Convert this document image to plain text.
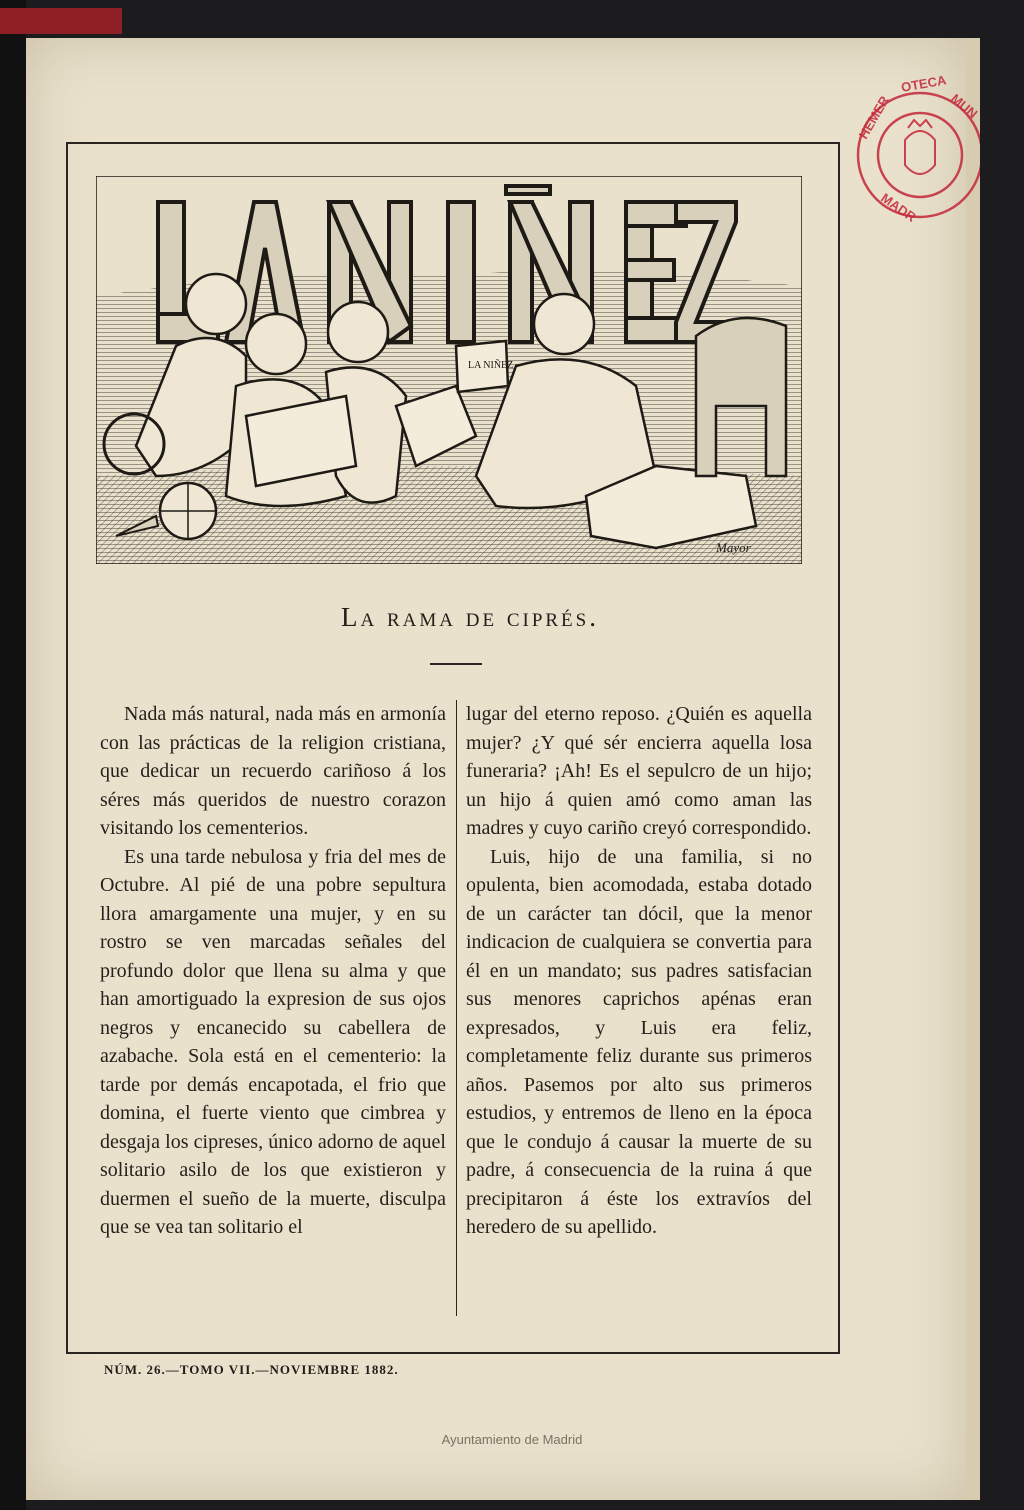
HEMER
OTECA
MUN
MADR
LA NIÑEZ
Mayor
La rama de ciprés.

Nada más natural, nada más en armonía con las prácticas de la religion cristiana, que dedicar un recuerdo cariñoso á los séres más queridos de nuestro corazon visitando los cementerios.

Es una tarde nebulosa y fria del mes de Octubre. Al pié de una pobre sepultura llora amargamente una mujer, y en su rostro se ven marcadas señales del profundo dolor que llena su alma y que han amortiguado la expresion de sus ojos negros y encanecido su cabellera de azabache. Sola está en el cementerio: la tarde por demás encapotada, el frio que domina, el fuerte viento que cimbrea y desgaja los cipreses, único adorno de aquel solitario asilo de los que existieron y duermen el sueño de la muerte, disculpa que se vea tan solitario el

lugar del eterno reposo. ¿Quién es aquella mujer? ¿Y qué sér encierra aquella losa funeraria? ¡Ah! Es el sepulcro de un hijo; un hijo á quien amó como aman las madres y cuyo cariño creyó correspondido.

Luis, hijo de una familia, si no opulenta, bien acomodada, estaba dotado de un carácter tan dócil, que la menor indicacion de cualquiera se convertia para él en un mandato; sus padres satisfacian sus menores caprichos apénas eran expresados, y Luis era feliz, completamente feliz durante sus primeros años. Pasemos por alto sus primeros estudios, y entremos de lleno en la época que le condujo á causar la muerte de su padre, á consecuencia de la ruina á que precipitaron á éste los extravíos del heredero de su apellido.

NÚM. 26.—TOMO VII.—NOVIEMBRE 1882.
Ayuntamiento de Madrid
